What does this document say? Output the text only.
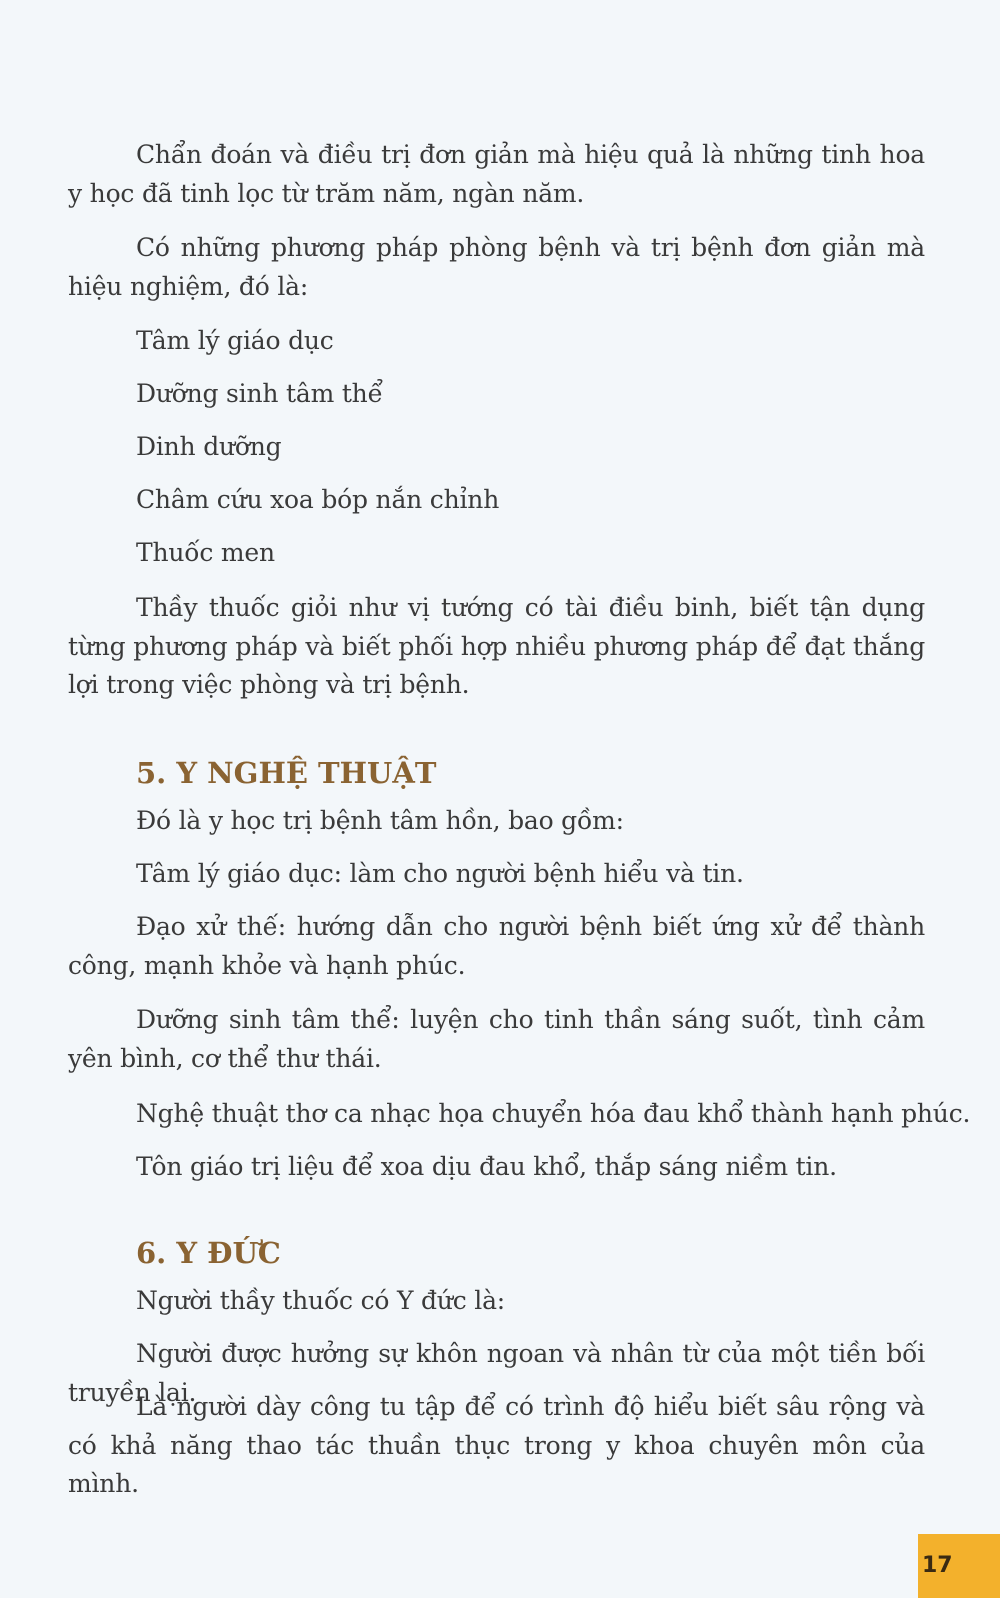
Chẩn đoán và điều trị đơn giản mà hiệu quả là những tinh hoa y học đã tinh lọc từ trăm năm, ngàn năm.

Có những phương pháp phòng bệnh và trị bệnh đơn giản mà hiệu nghiệm, đó là:

Tâm lý giáo dục

Dưỡng sinh tâm thể

Dinh dưỡng

Châm cứu xoa bóp nắn chỉnh

Thuốc men

Thầy thuốc giỏi như vị tướng có tài điều binh, biết tận dụng từng phương pháp và biết phối hợp nhiều phương pháp để đạt thắng lợi trong việc phòng và trị bệnh.

5. Y NGHỆ THUẬT

Đó là y học trị bệnh tâm hồn, bao gồm:

Tâm lý giáo dục: làm cho người bệnh hiểu và tin.

Đạo xử thế: hướng dẫn cho người bệnh biết ứng xử để thành công, mạnh khỏe và hạnh phúc.

Dưỡng sinh tâm thể: luyện cho tinh thần sáng suốt, tình cảm yên bình, cơ thể thư thái.

Nghệ thuật thơ ca nhạc họa chuyển hóa đau khổ thành hạnh phúc.

Tôn giáo trị liệu để xoa dịu đau khổ, thắp sáng niềm tin.

6. Y ĐỨC

Người thầy thuốc có Y đức là:

Người được hưởng sự khôn ngoan và nhân từ của một tiền bối truyền lại.

Là người dày công tu tập để có trình độ hiểu biết sâu rộng và có khả năng thao tác thuần thục trong y khoa chuyên môn của mình.

17
